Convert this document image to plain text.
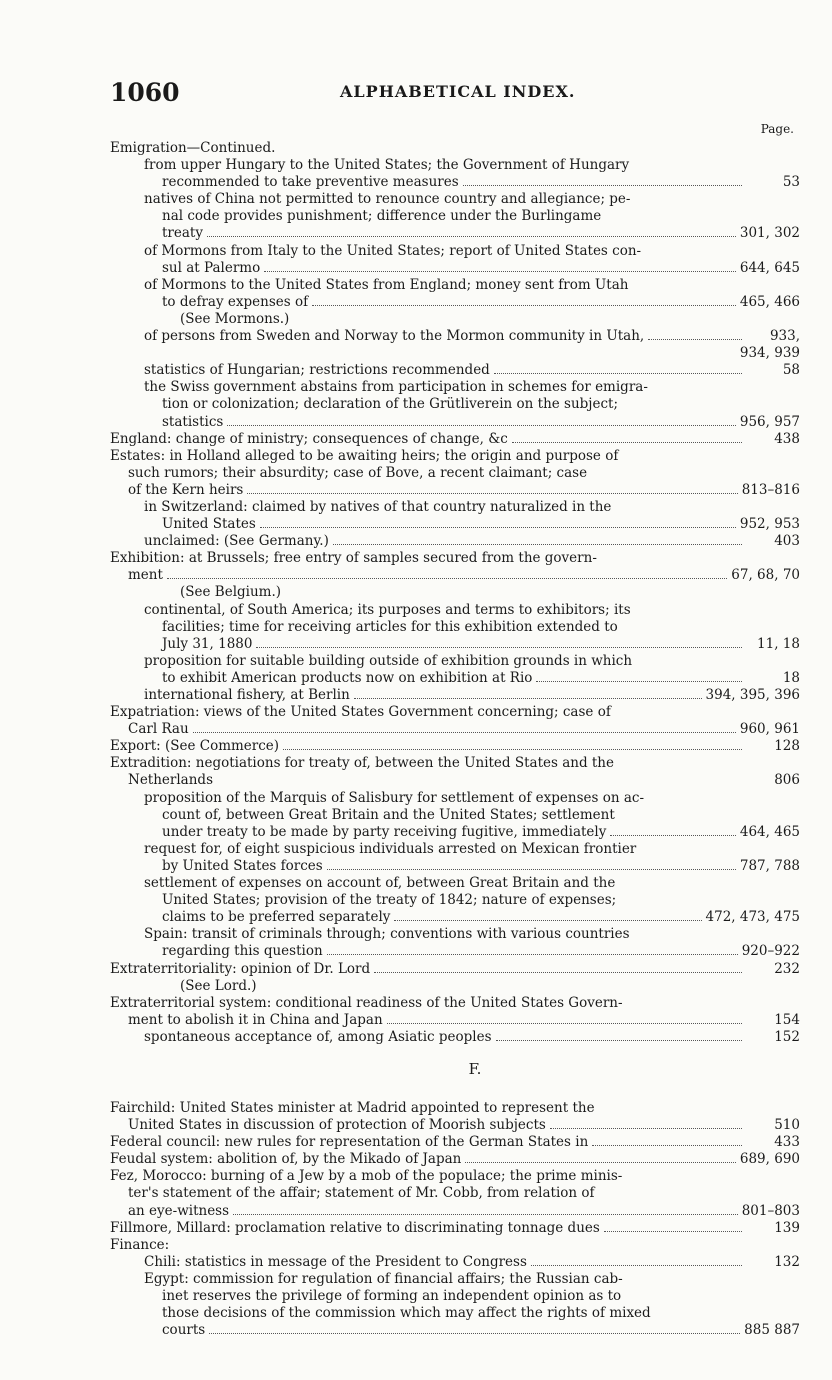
1060	ALPHABETICAL INDEX.
Page.
Emigration—Continued.
from upper Hungary to the United States; the Government of Hungary
recommended to take preventive measures	53
natives of China not permitted to renounce country and allegiance; pe-
nal code provides punishment; difference under the Burlingame
treaty	301, 302
of Mormons from Italy to the United States; report of United States con-
sul at Palermo	644, 645
of Mormons to the United States from England; money sent from Utah
to defray expenses of	465, 466
(See Mormons.)
of persons from Sweden and Norway to the Mormon community in Utah,	933,
934, 939
statistics of Hungarian; restrictions recommended	58
the Swiss government abstains from participation in schemes for emigra-
tion or colonization; declaration of the Grütliverein on the subject;
statistics	956, 957
England: change of ministry; consequences of change, &c	438
Estates: in Holland alleged to be awaiting heirs; the origin and purpose of
such rumors; their absurdity; case of Bove, a recent claimant; case
of the Kern heirs	813–816
in Switzerland: claimed by natives of that country naturalized in the
United States	952, 953
unclaimed: (See Germany.)	403
Exhibition: at Brussels; free entry of samples secured from the govern-
ment	67, 68, 70
(See Belgium.)
continental, of South America; its purposes and terms to exhibitors; its
facilities; time for receiving articles for this exhibition extended to
July 31, 1880	11, 18
proposition for suitable building outside of exhibition grounds in which
to exhibit American products now on exhibition at Rio	18
international fishery, at Berlin	394, 395, 396
Expatriation: views of the United States Government concerning; case of
Carl Rau	960, 961
Export: (See Commerce)	128
Extradition: negotiations for treaty of, between the United States and the
Netherlands	806
proposition of the Marquis of Salisbury for settlement of expenses on ac-
count of, between Great Britain and the United States; settlement
under treaty to be made by party receiving fugitive, immediately	464, 465
request for, of eight suspicious individuals arrested on Mexican frontier
by United States forces	787, 788
settlement of expenses on account of, between Great Britain and the
United States; provision of the treaty of 1842; nature of expenses;
claims to be preferred separately	472, 473, 475
Spain: transit of criminals through; conventions with various countries
regarding this question	920–922
Extraterritoriality: opinion of Dr. Lord	232
(See Lord.)
Extraterritorial system: conditional readiness of the United States Govern-
ment to abolish it in China and Japan	154
spontaneous acceptance of, among Asiatic peoples	152
F.
Fairchild: United States minister at Madrid appointed to represent the
United States in discussion of protection of Moorish subjects	510
Federal council: new rules for representation of the German States in	433
Feudal system: abolition of, by the Mikado of Japan	689, 690
Fez, Morocco: burning of a Jew by a mob of the populace; the prime minis-
ter's statement of the affair; statement of Mr. Cobb, from relation of
an eye-witness	801–803
Fillmore, Millard: proclamation relative to discriminating tonnage dues	139
Finance:
Chili: statistics in message of the President to Congress	132
Egypt: commission for regulation of financial affairs; the Russian cab-
inet reserves the privilege of forming an independent opinion as to
those decisions of the commission which may affect the rights of mixed
courts	885 887
